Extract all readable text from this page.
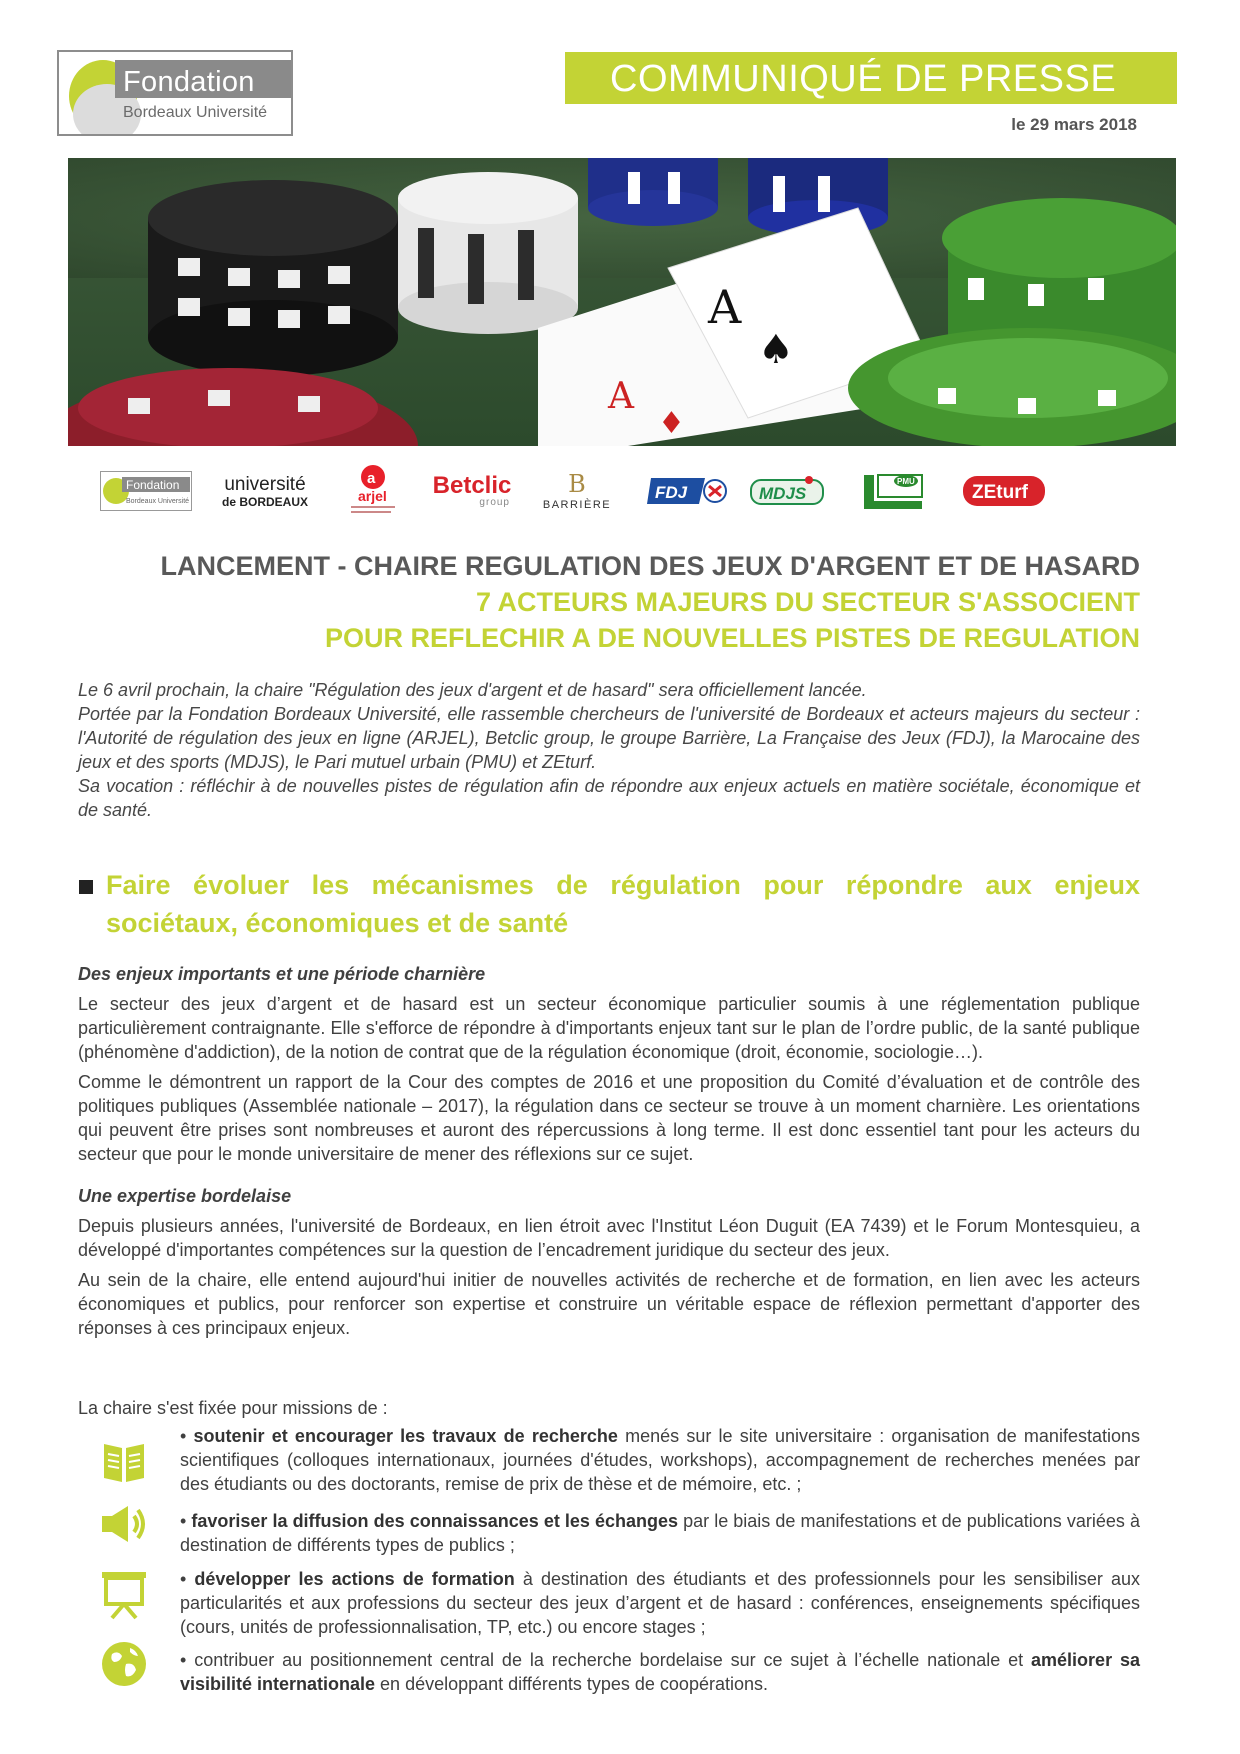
Fondation
Bordeaux Université
COMMUNIQUÉ DE PRESSE
le 29 mars 2018
A
♠
A
♦
Fondation
Bordeaux Université
université
de BORDEAUX
a
arjel Betclic
group
B
BARRIÈRE
FDJ	MDJS
PMU
ZEturf
LANCEMENT - CHAIRE REGULATION DES JEUX D'ARGENT ET DE HASARD
7 ACTEURS MAJEURS DU SECTEUR S'ASSOCIENT
POUR REFLECHIR A DE NOUVELLES PISTES DE REGULATION

Le 6 avril prochain, la chaire "Régulation des jeux d'argent et de hasard" sera officiellement lancée.

Portée par la Fondation Bordeaux Université, elle rassemble chercheurs de l'université de Bordeaux et acteurs majeurs du secteur : l'Autorité de régulation des jeux en ligne (ARJEL), Betclic group, le groupe Barrière, La Française des Jeux (FDJ), la Marocaine des jeux et des sports (MDJS), le Pari mutuel urbain (PMU) et ZEturf.

Sa vocation : réfléchir à de nouvelles pistes de régulation afin de répondre aux enjeux actuels en matière sociétale, économique et de santé.

Faire évoluer les mécanismes de régulation pour répondre aux enjeux sociétaux, économiques et de santé

Des enjeux importants et une période charnière

Le secteur des jeux d’argent et de hasard est un secteur économique particulier soumis à une réglementation publique particulièrement contraignante. Elle s'efforce de répondre à d'importants enjeux tant sur le plan de l’ordre public, de la santé publique (phénomène d'addiction), de la notion de contrat que de la régulation économique (droit, économie, sociologie…).

Comme le démontrent un rapport de la Cour des comptes de 2016 et une proposition du Comité d’évaluation et de contrôle des politiques publiques (Assemblée nationale – 2017), la régulation dans ce secteur se trouve à un moment charnière. Les orientations qui peuvent être prises sont nombreuses et auront des répercussions à long terme. Il est donc essentiel tant pour les acteurs du secteur que pour le monde universitaire de mener des réflexions sur ce sujet.

Une expertise bordelaise

Depuis plusieurs années, l'université de Bordeaux, en lien étroit avec l'Institut Léon Duguit (EA 7439) et le Forum Montesquieu, a développé d'importantes compétences sur la question de l’encadrement juridique du secteur des jeux.

Au sein de la chaire, elle entend aujourd'hui initier de nouvelles activités de recherche et de formation, en lien avec les acteurs économiques et publics, pour renforcer son expertise et construire un véritable espace de réflexion permettant d'apporter des réponses à ces principaux enjeux.

La chaire s'est fixée pour missions de :
• soutenir et encourager les travaux de recherche menés sur le site universitaire : organisation de manifestations scientifiques (colloques internationaux, journées d'études, workshops), accompagnement de recherches menées par des étudiants ou des doctorants, remise de prix de thèse et de mémoire, etc. ;
• favoriser la diffusion des connaissances et les échanges par le biais de manifestations et de publications variées à destination de différents types de publics ;
• développer les actions de formation à destination des étudiants et des professionnels pour les sensibiliser aux particularités et aux professions du secteur des jeux d’argent et de hasard : conférences, enseignements spécifiques (cours, unités de professionnalisation, TP, etc.) ou encore stages ;
• contribuer au positionnement central de la recherche bordelaise sur ce sujet à l’échelle nationale et améliorer sa visibilité internationale en développant différents types de coopérations.
